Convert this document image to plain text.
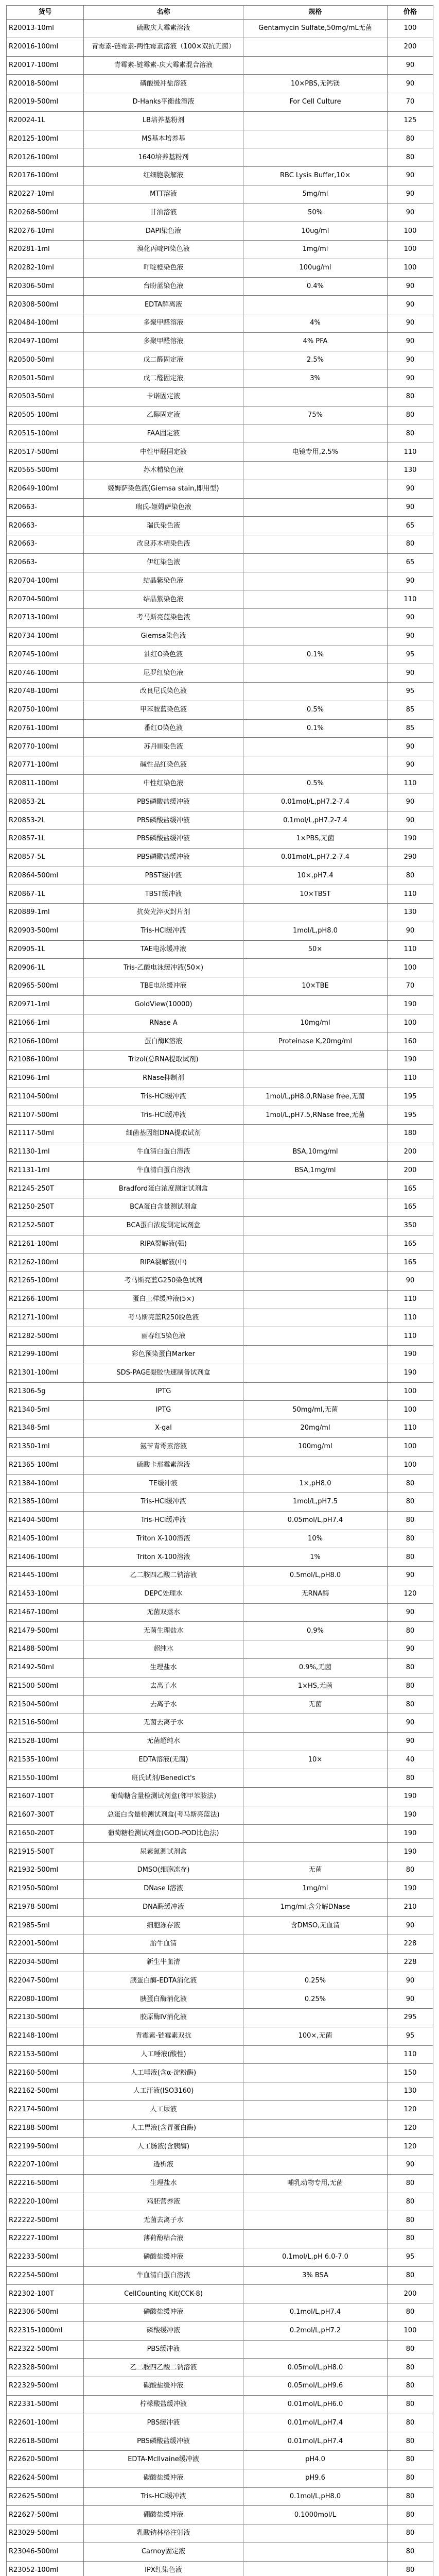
货号	名称	规格	价格
R20013-10ml	硫酸庆大霉素溶液	Gentamycin Sulfate,50mg/mL无菌	100
R20016-100ml	青霉素-链霉素-两性霉素溶液（100×双抗无菌）		200
R20017-100ml	青霉素-链霉素-庆大霉素混合溶液		90
R20018-500ml	磷酸缓冲盐溶液	10×PBS,无钙镁	90
R20019-500ml	D-Hanks平衡盐溶液	For Cell Culture	70
R20024-1L	LB培养基粉剂		125
R20125-100ml	MS基本培养基		80
R20126-100ml	1640培养基粉剂		80
R20176-100ml	红细胞裂解液	RBC Lysis Buffer,10×	90
R20227-10ml	MTT溶液	5mg/ml	90
R20268-500ml	甘油溶液	50%	90
R20276-10ml	DAPI染色液	10ug/ml	100
R20281-1ml	溴化丙啶PI染色液	1mg/ml	100
R20282-10ml	吖啶橙染色液	100ug/ml	100
R20306-50ml	台盼蓝染色液	0.4%	90
R20308-500ml	EDTA解离液		90
R20484-100ml	多聚甲醛溶液	4%	90
R20497-100ml	多聚甲醛溶液	4% PFA	90
R20500-50ml	戊二醛固定液	2.5%	90
R20501-50ml	戊二醛固定液	3%	90
R20503-50ml	卡诺固定液		80
R20505-100ml	乙醇固定液	75%	80
R20515-100ml	FAA固定液		80
R20517-500ml	中性甲醛固定液	电镜专用,2.5%	110
R20565-500ml	苏木精染色液		130
R20649-100ml	姬姆萨染色液(Giemsa stain,即用型)		90
R20663-	瑞氏-姬姆萨染色液		90
R20663-	瑞氏染色液		65
R20663-	改良苏木精染色液		80
R20663-	伊红染色液		65
R20704-100ml	结晶紫染色液		90
R20704-500ml	结晶紫染色液		110
R20713-100ml	考马斯亮蓝染色液		90
R20734-100ml	Giemsa染色液		90
R20745-100ml	油红O染色液	0.1%	95
R20746-100ml	尼罗红染色液		90
R20748-100ml	改良尼氏染色液		95
R20750-100ml	甲苯胺蓝染色液	0.5%	85
R20761-100ml	番红O染色液	0.1%	85
R20770-100ml	苏丹III染色液		90
R20771-100ml	碱性品红染色液		90
R20811-100ml	中性红染色液	0.5%	110
R20853-2L	PBS磷酸盐缓冲液	0.01mol/L,pH7.2-7.4	90
R20853-2L	PBS磷酸盐缓冲液	0.1mol/L,pH7.2-7.4	90
R20857-1L	PBS磷酸盐缓冲液	1×PBS,无菌	190
R20857-5L	PBS磷酸盐缓冲液	0.01mol/L,pH7.2-7.4	290
R20864-500ml	PBST缓冲液	10×,pH7.4	80
R20867-1L	TBST缓冲液	10×TBST	110
R20889-1ml	抗荧光淬灭封片剂		130
R20903-500ml	Tris-HCl缓冲液	1mol/L,pH8.0	90
R20905-1L	TAE电泳缓冲液	50×	110
R20906-1L	Tris-乙酸电泳缓冲液(50×)		100
R20965-500ml	TBE电泳缓冲液	10×TBE	70
R20971-1ml	GoldView(10000)		190
R21066-1ml	RNase A	10mg/ml	100
R21066-100ml	蛋白酶K溶液	Proteinase K,20mg/ml	160
R21086-100ml	Trizol(总RNA提取试剂)		190
R21096-1ml	RNase抑制剂		110
R21104-500ml	Tris-HCl缓冲液	1mol/L,pH8.0,RNase free,无菌	195
R21107-500ml	Tris-HCl缓冲液	1mol/L,pH7.5,RNase free,无菌	195
R21117-50ml	细菌基因组DNA提取试剂		180
R21130-1ml	牛血清白蛋白溶液	BSA,10mg/ml	200
R21131-1ml	牛血清白蛋白溶液	BSA,1mg/ml	200
R21245-250T	Bradford蛋白浓度测定试剂盒		165
R21250-250T	BCA蛋白含量测试剂盒		165
R21252-500T	BCA蛋白浓度测定试剂盒		350
R21261-100ml	RIPA裂解液(强)		165
R21262-100ml	RIPA裂解液(中)		165
R21265-100ml	考马斯亮蓝G250染色试剂		90
R21266-100ml	蛋白上样缓冲液(5×)		110
R21271-100ml	考马斯亮蓝R250脱色液		110
R21282-500ml	丽春红S染色液		110
R21299-100ml	彩色预染蛋白Marker		190
R21301-100ml	SDS-PAGE凝胶快速制备试剂盒		190
R21306-5g	IPTG		100
R21340-5ml	IPTG	50mg/ml,无菌	100
R21348-5ml	X-gal	20mg/ml	110
R21350-1ml	氨苄青霉素溶液	100mg/ml	100
R21365-100ml	硫酸卡那霉素溶液		100
R21384-100ml	TE缓冲液	1×,pH8.0	80
R21385-100ml	Tris-HCl缓冲液	1mol/L,pH7.5	80
R21404-500ml	Tris-HCl缓冲液	0.05mol/L,pH7.4	80
R21405-100ml	Triton X-100溶液	10%	80
R21406-100ml	Triton X-100溶液	1%	80
R21445-100ml	乙二胺四乙酸二钠溶液	0.5mol/L,pH8.0	90
R21453-100ml	DEPC处理水	无RNA酶	120
R21467-100ml	无菌双蒸水		90
R21479-500ml	无菌生理盐水	0.9%	80
R21488-500ml	超纯水		90
R21492-50ml	生理盐水	0.9%,无菌	80
R21500-500ml	去离子水	1×HS,无菌	80
R21504-500ml	去离子水	无菌	80
R21516-500ml	无菌去离子水		90
R21528-100ml	无菌超纯水		90
R21535-100ml	EDTA溶液(无菌)	10×	40
R21550-100ml	班氏试剂/Benedict's		80
R21607-100T	葡萄糖含量检测试剂盒(邻甲苯胺法)		190
R21607-300T	总蛋白含量检测试剂盒(考马斯亮蓝法)		190
R21650-200T	葡萄糖检测试剂盒(GOD-POD比色法)		190
R21915-500T	尿素氮测试剂盒		190
R21932-500ml	DMSO(细胞冻存)	无菌	80
R21950-500ml	DNase I溶液	1mg/ml	190
R21978-500ml	DNA酶缓冲液	1mg/ml,含分解DNase	210
R21985-5ml	细胞冻存液	含DMSO,无血清	90
R22001-500ml	胎牛血清		228
R22034-500ml	新生牛血清		228
R22047-500ml	胰蛋白酶-EDTA消化液	0.25%	90
R22080-100ml	胰蛋白酶消化液	0.25%	90
R22130-500ml	胶原酶IV消化液		295
R22148-100ml	青霉素-链霉素双抗	100×,无菌	95
R22153-500ml	人工唾液(酸性)		110
R22160-500ml	人工唾液(含α-淀粉酶)		150
R22162-500ml	人工汗液(ISO3160)		130
R22174-500ml	人工尿液		120
R22188-500ml	人工胃液(含胃蛋白酶)		120
R22199-500ml	人工肠液(含胰酶)		120
R22207-100ml	透析液		90
R22216-500ml	生理盐水	哺乳动物专用,无菌	80
R22220-100ml	鸡胚营养液		80
R22222-500ml	无菌去离子水		80
R22227-100ml	薄荷酚粘合液		80
R22233-500ml	磷酸盐缓冲液	0.1mol/L,pH 6.0-7.0	95
R22254-500ml	牛血清白蛋白溶液	3% BSA	80
R22302-100T	CellCounting Kit(CCK-8)		200
R22306-500ml	磷酸盐缓冲液	0.1mol/L,pH7.4	80
R22315-1000ml	磷酸缓冲液	0.2mol/L,pH7.2	100
R22322-500ml	PBS缓冲液		80
R22328-500ml	乙二胺四乙酸二钠溶液	0.05mol/L,pH8.0	80
R22329-500ml	碳酸盐缓冲液	0.05mol/L,pH9.6	80
R22331-500ml	柠檬酸盐缓冲液	0.01mol/L,pH6.0	80
R22601-100ml	PBS缓冲液	0.01mol/L,pH7.4	80
R22618-500ml	PBS磷酸盐缓冲液	0.01mol/L,pH7.4	80
R22620-500ml	EDTA-Mcllvaine缓冲液	pH4.0	80
R22624-500ml	碳酸盐缓冲液	pH9.6	80
R22625-500ml	Tris-HCl缓冲液	0.1mol/L,pH8.0	80
R22627-500ml	硼酸盐缓冲液	0.1000mol/L	80
R23029-500ml	乳酸钠林格注射液		80
R23046-500ml	Carnoy固定液		80
R23052-100ml	IPX红染色液		80
